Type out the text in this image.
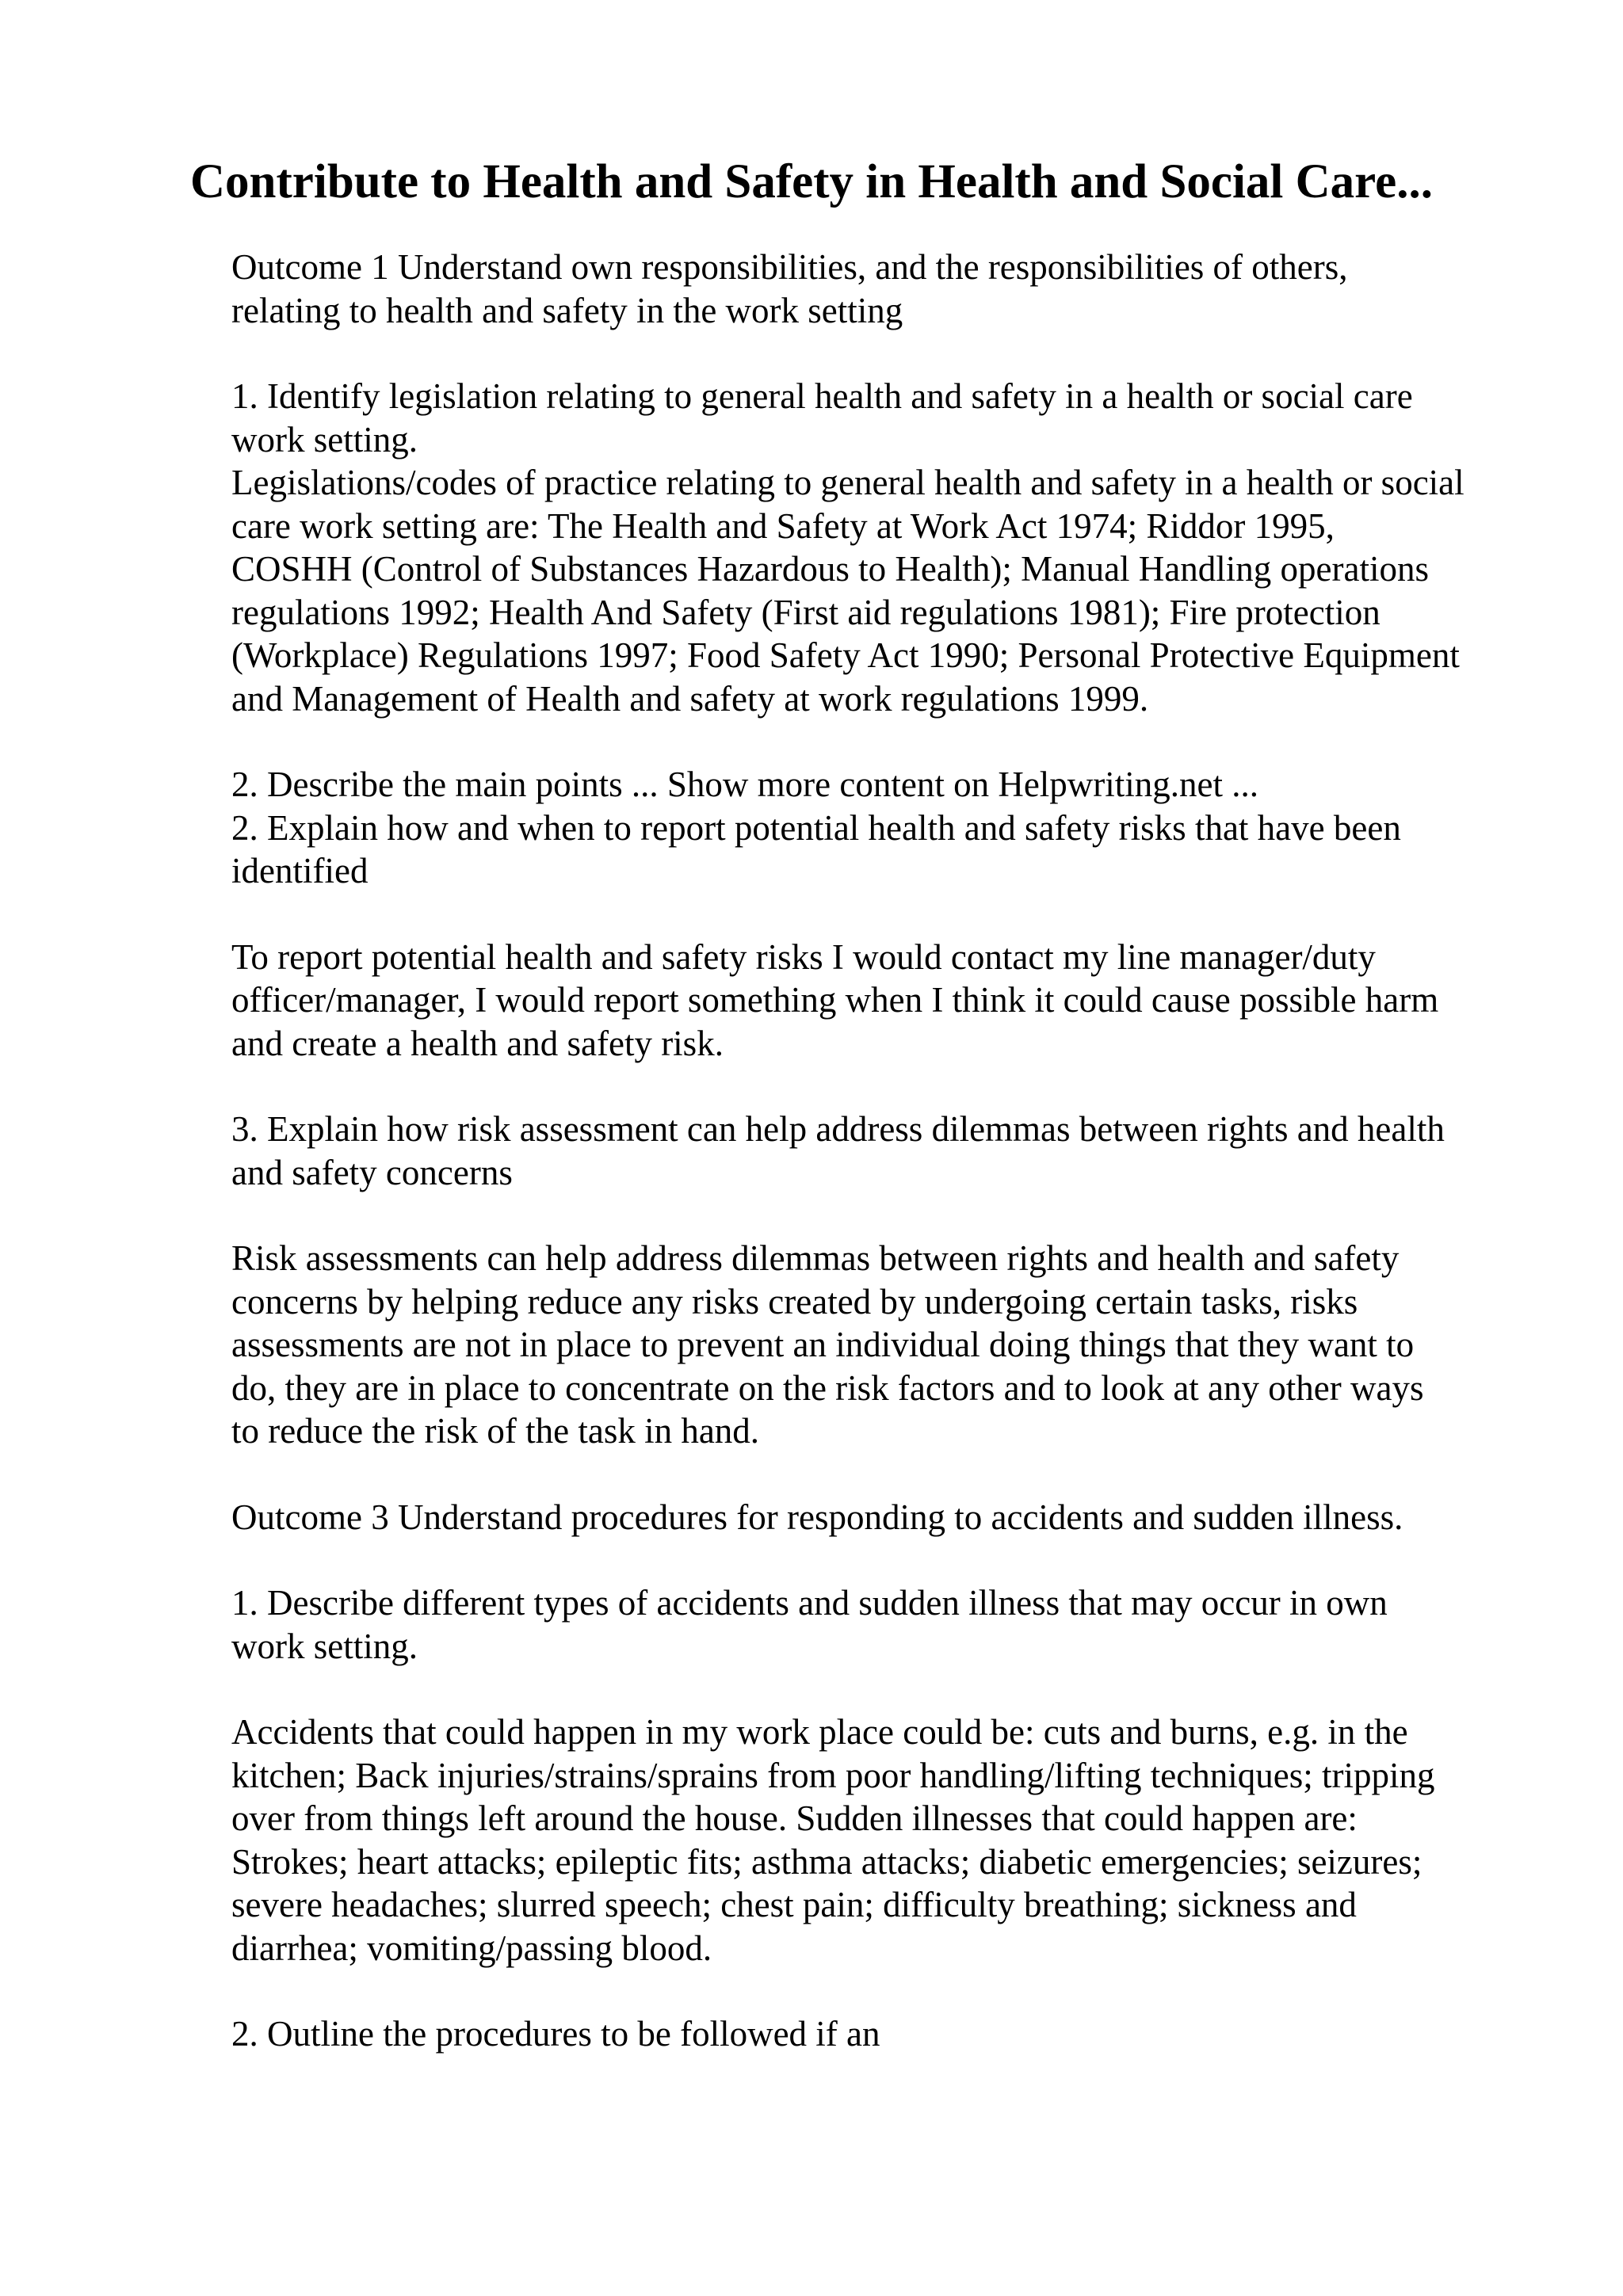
Contribute to Health and Safety in Health and Social Care...

Outcome 1 Understand own responsibilities, and the responsibilities of others,
relating to health and safety in the work setting

1. Identify legislation relating to general health and safety in a health or social care
work setting.
Legislations/codes of practice relating to general health and safety in a health or social
care work setting are: The Health and Safety at Work Act 1974; Riddor 1995,
COSHH (Control of Substances Hazardous to Health); Manual Handling operations
regulations 1992; Health And Safety (First aid regulations 1981); Fire protection
(Workplace) Regulations 1997; Food Safety Act 1990; Personal Protective Equipment
and Management of Health and safety at work regulations 1999.

2. Describe the main points ... Show more content on Helpwriting.net ...
2. Explain how and when to report potential health and safety risks that have been
identified

To report potential health and safety risks I would contact my line manager/duty
officer/manager, I would report something when I think it could cause possible harm
and create a health and safety risk.

3. Explain how risk assessment can help address dilemmas between rights and health
and safety concerns

Risk assessments can help address dilemmas between rights and health and safety
concerns by helping reduce any risks created by undergoing certain tasks, risks
assessments are not in place to prevent an individual doing things that they want to
do, they are in place to concentrate on the risk factors and to look at any other ways
to reduce the risk of the task in hand.

Outcome 3 Understand procedures for responding to accidents and sudden illness.

1. Describe different types of accidents and sudden illness that may occur in own
work setting.

Accidents that could happen in my work place could be: cuts and burns, e.g. in the
kitchen; Back injuries/strains/sprains from poor handling/lifting techniques; tripping
over from things left around the house. Sudden illnesses that could happen are:
Strokes; heart attacks; epileptic fits; asthma attacks; diabetic emergencies; seizures;
severe headaches; slurred speech; chest pain; difficulty breathing; sickness and
diarrhea; vomiting/passing blood.

2. Outline the procedures to be followed if an
